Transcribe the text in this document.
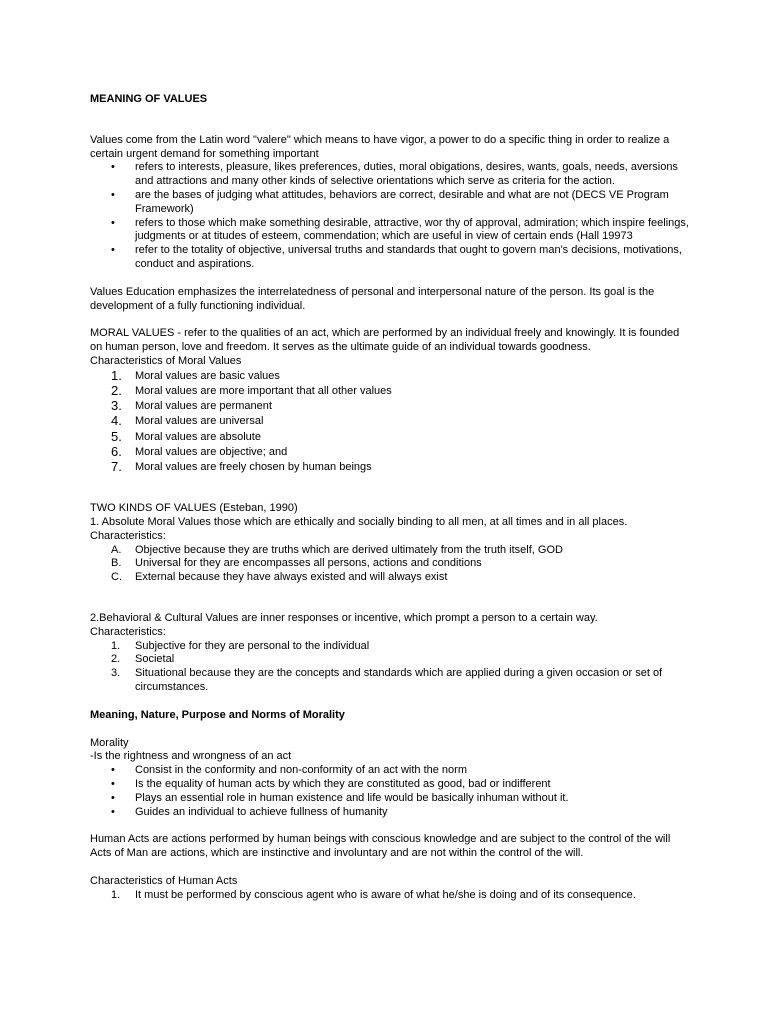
MEANING OF VALUES

Values come from the Latin word "valere" which means to have vigor, a power to do a specific thing in order to realize a certain urgent demand for something important

• refers to interests, pleasure, likes preferences, duties, moral obigations, desires, wants, goals, needs, aversions and attractions and many other kinds of selective orientations which serve as criteria for the action.
• are the bases of judging what attitudes, behaviors are correct, desirable and what are not (DECS VE Program Framework)
• refers to those which make something desirable, attractive, wor thy of approval, admiration; which inspire feelings, judgments or at titudes of esteem, commendation; which are useful in view of certain ends (Hall 19973
• refer to the totality of objective, universal truths and standards that ought to govern man's decisions, motivations, conduct and aspirations.

Values Education emphasizes the interrelatedness of personal and interpersonal nature of the person. Its goal is the development of a fully functioning individual.

MORAL VALUES - refer to the qualities of an act, which are performed by an individual freely and knowingly. It is founded on human person, love and freedom. It serves as the ultimate guide of an individual towards goodness.

Characteristics of Moral Values

1. Moral values are basic values
2. Moral values are more important that all other values
3. Moral values are permanent
4. Moral values are universal
5. Moral values are absolute
6. Moral values are objective; and
7. Moral values are freely chosen by human beings

TWO KINDS OF VALUES (Esteban, 1990)

1. Absolute Moral Values those which are ethically and socially binding to all men, at all times and in all places.

Characteristics:

A. Objective because they are truths which are derived ultimately from the truth itself, GOD
B. Universal for they are encompasses all persons, actions and conditions
C. External because they have always existed and will always exist

2.Behavioral & Cultural Values are inner responses or incentive, which prompt a person to a certain way.

Characteristics:

1. Subjective for they are personal to the individual
2. Societal
3. Situational because they are the concepts and standards which are applied during a given occasion or set of circumstances.

Meaning, Nature, Purpose and Norms of Morality

Morality

-Is the rightness and wrongness of an act

• Consist in the conformity and non-conformity of an act with the norm
• Is the equality of human acts by which they are constituted as good, bad or indifferent
• Plays an essential role in human existence and life would be basically inhuman without it.
• Guides an individual to achieve fullness of humanity

Human Acts are actions performed by human beings with conscious knowledge and are subject to the control of the will

Acts of Man are actions, which are instinctive and involuntary and are not within the control of the will.

Characteristics of Human Acts

1. It must be performed by conscious agent who is aware of what he/she is doing and of its consequence.
